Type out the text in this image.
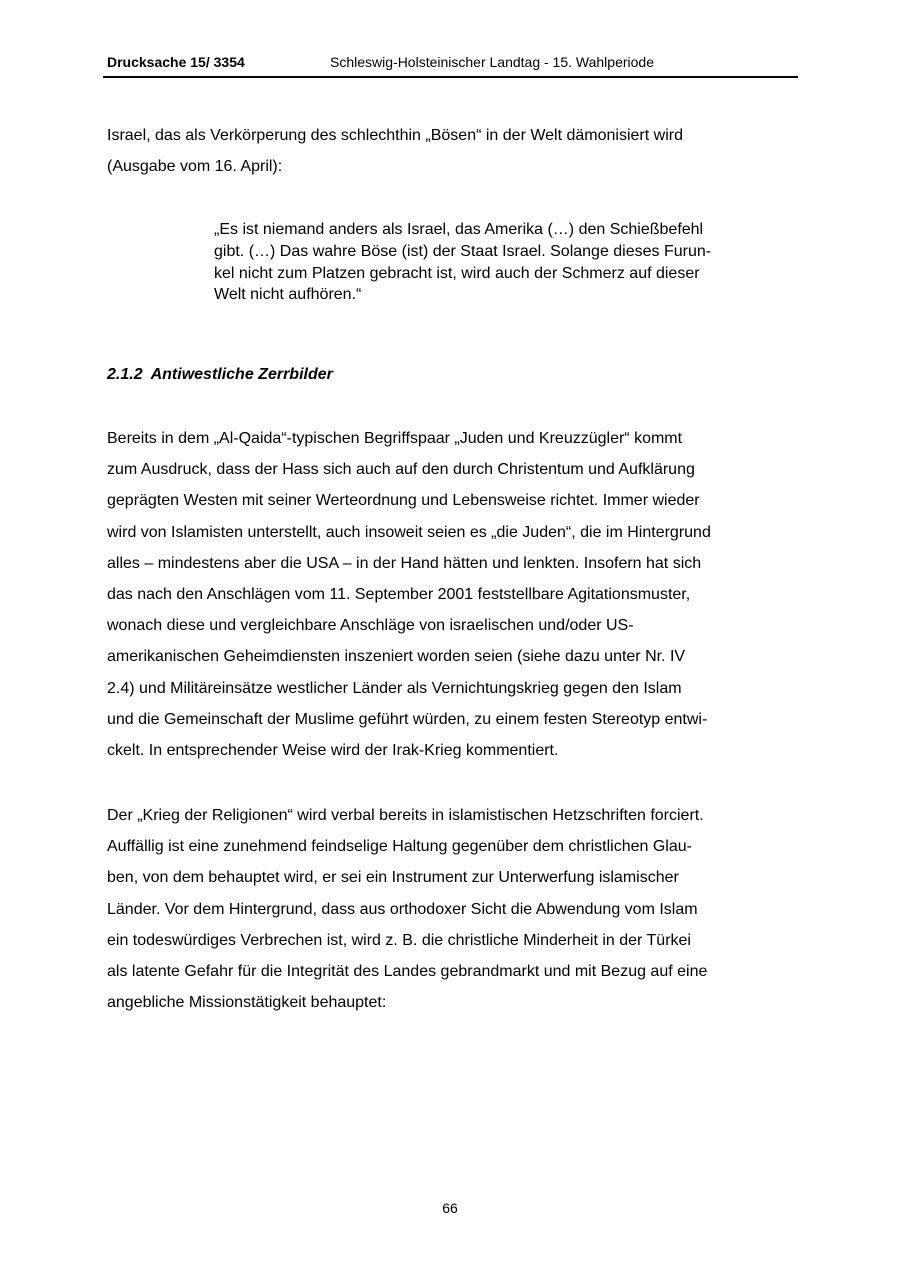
Drucksache 15/ 3354	Schleswig-Holsteinischer Landtag - 15. Wahlperiode

Israel, das als Verkörperung des schlechthin „Bösen“ in der Welt dämonisiert wird
(Ausgabe vom 16. April):

„Es ist niemand anders als Israel, das Amerika (…) den Schießbefehl
gibt. (…) Das wahre Böse (ist) der Staat Israel. Solange dieses Furun-
kel nicht zum Platzen gebracht ist, wird auch der Schmerz auf dieser
Welt nicht aufhören.“
2.1.2 Antiwestliche Zerrbilder

Bereits in dem „Al-Qaida“-typischen Begriffspaar „Juden und Kreuzzügler“ kommt
zum Ausdruck, dass der Hass sich auch auf den durch Christentum und Aufklärung
geprägten Westen mit seiner Werteordnung und Lebensweise richtet. Immer wieder
wird von Islamisten unterstellt, auch insoweit seien es „die Juden“, die im Hintergrund
alles – mindestens aber die USA – in der Hand hätten und lenkten. Insofern hat sich
das nach den Anschlägen vom 11. September 2001 feststellbare Agitationsmuster,
wonach diese und vergleichbare Anschläge von israelischen und/oder US-
amerikanischen Geheimdiensten inszeniert worden seien (siehe dazu unter Nr. IV
2.4) und Militäreinsätze westlicher Länder als Vernichtungskrieg gegen den Islam
und die Gemeinschaft der Muslime geführt würden, zu einem festen Stereotyp entwi-
ckelt. In entsprechender Weise wird der Irak-Krieg kommentiert.

Der „Krieg der Religionen“ wird verbal bereits in islamistischen Hetzschriften forciert.
Auffällig ist eine zunehmend feindselige Haltung gegenüber dem christlichen Glau-
ben, von dem behauptet wird, er sei ein Instrument zur Unterwerfung islamischer
Länder. Vor dem Hintergrund, dass aus orthodoxer Sicht die Abwendung vom Islam
ein todeswürdiges Verbrechen ist, wird z. B. die christliche Minderheit in der Türkei
als latente Gefahr für die Integrität des Landes gebrandmarkt und mit Bezug auf eine
angebliche Missionstätigkeit behauptet:

66
